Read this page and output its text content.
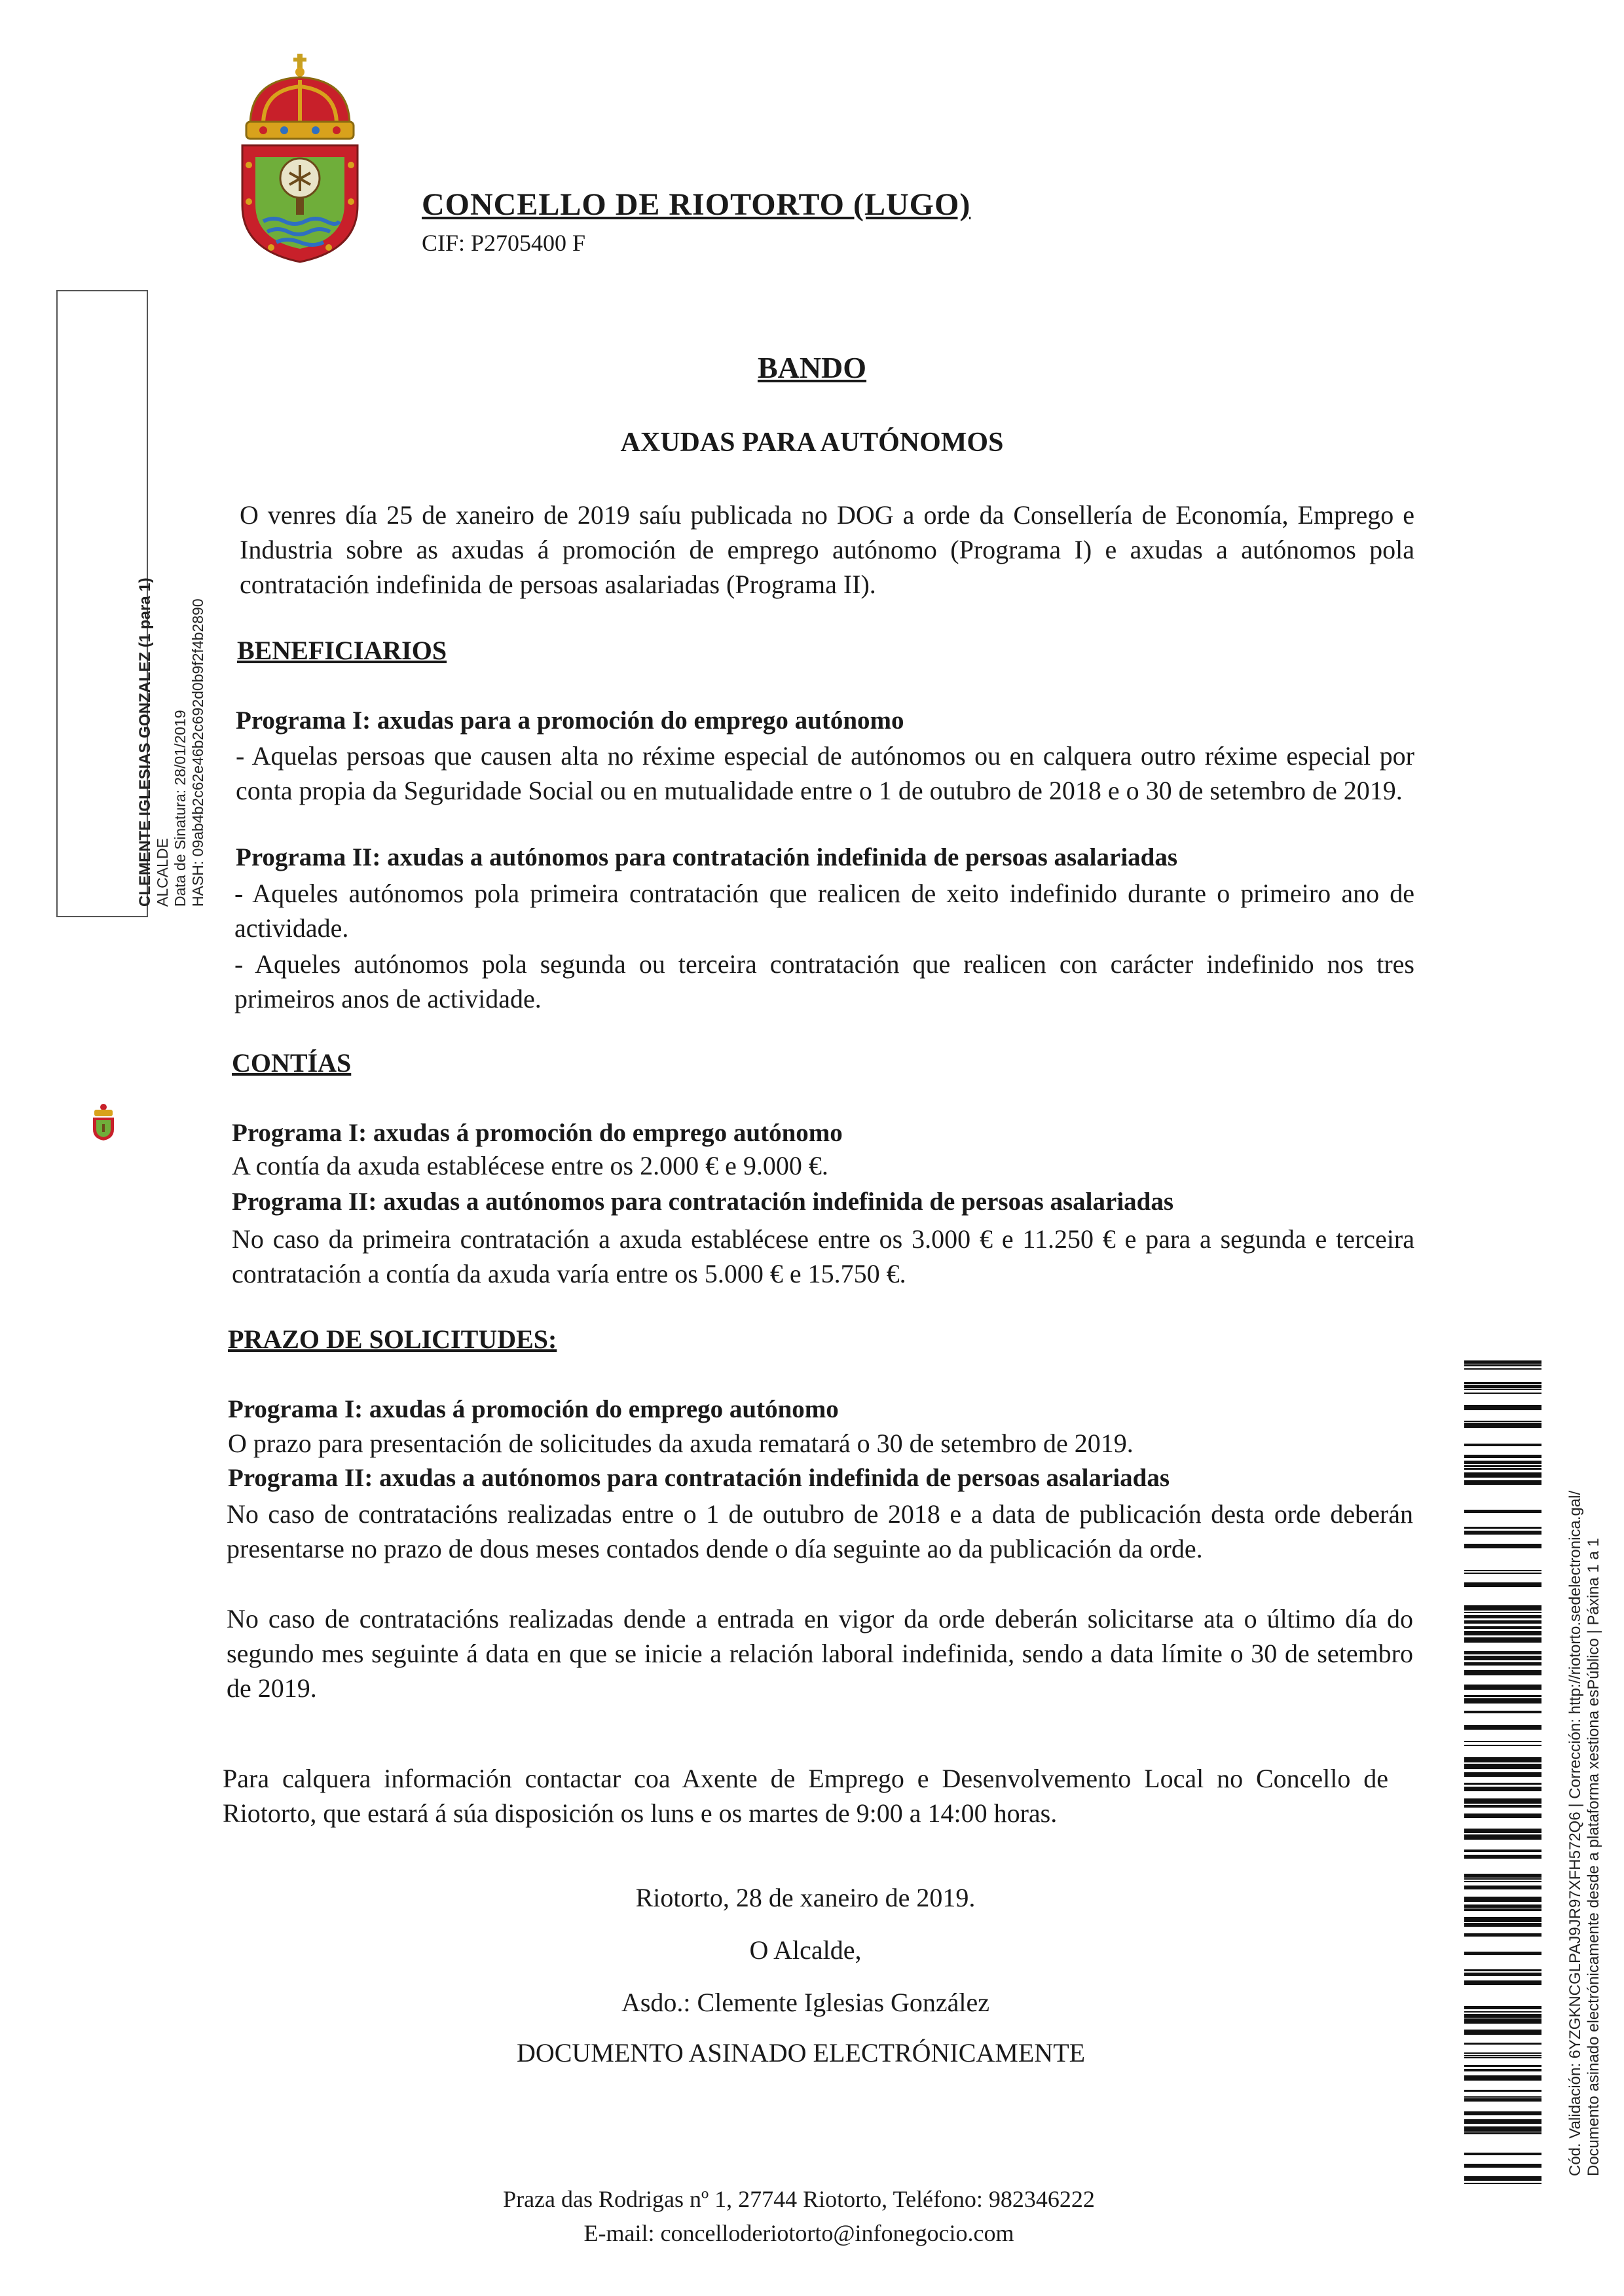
CONCELLO DE RIOTORTO (LUGO)
CIF: P2705400 F
CLEMENTE IGLESIAS GONZALEZ (1 para 1) ALCALDE Data de Sinatura: 28/01/2019 HASH: 09ab4b2c62e46b2c692d0b9f2f4b2890
BANDO
AXUDAS PARA AUTÓNOMOS
O venres día 25 de xaneiro de 2019 saíu publicada no DOG a orde da Consellería de Economía, Emprego e Industria sobre as axudas á promoción de emprego autónomo (Programa I) e axudas a autónomos pola contratación indefinida de persoas asalariadas (Programa II).
BENEFICIARIOS
Programa I: axudas para a promoción do emprego autónomo
- Aquelas persoas que causen alta no réxime especial de autónomos ou en calquera outro réxime especial por conta propia da Seguridade Social ou en mutualidade entre o 1 de outubro de 2018 e o 30 de setembro de 2019.
Programa II: axudas a autónomos para contratación indefinida de persoas asalariadas
- Aqueles autónomos pola primeira contratación que realicen de xeito indefinido durante o primeiro ano de actividade.
- Aqueles autónomos pola segunda ou terceira contratación que realicen con carácter indefinido nos tres primeiros anos de actividade.
CONTÍAS
Programa I: axudas á promoción do emprego autónomo
A contía da axuda establécese entre os 2.000 € e 9.000 €.
Programa II: axudas a autónomos para contratación indefinida de persoas asalariadas
No caso da primeira contratación a axuda establécese entre os 3.000 € e 11.250 € e para a segunda e terceira contratación a contía da axuda varía entre os 5.000 € e 15.750 €.
PRAZO DE SOLICITUDES:
Programa I: axudas á promoción do emprego autónomo
O prazo para presentación de solicitudes da axuda rematará o 30 de setembro de 2019.
Programa II: axudas a autónomos para contratación indefinida de persoas asalariadas
No caso de contratacións realizadas entre o 1 de outubro de 2018 e a data de publicación desta orde deberán presentarse no prazo de dous meses contados dende o día seguinte ao da publicación da orde.
No caso de contratacións realizadas dende a entrada en vigor da orde deberán solicitarse ata o último día do segundo mes seguinte á data en que se inicie a relación laboral indefinida, sendo a data límite o 30 de setembro de 2019.
Para calquera información contactar coa Axente de Emprego e Desenvolvemento Local no Concello de Riotorto, que estará á súa disposición os luns e os martes de 9:00 a 14:00 horas.
Riotorto, 28 de xaneiro de 2019.
O Alcalde,
Asdo.: Clemente Iglesias González
DOCUMENTO ASINADO ELECTRÓNICAMENTE
Praza das Rodrigas nº 1, 27744 Riotorto, Teléfono: 982346222
E-mail: concelloderiotorto@infonegocio.com
Cód. Validación: 6YZGKNCGLPAJ9JR97XFH572Q6 | Corrección: http://riotorto.sedelectronica.gal/ Documento asinado electrónicamente desde a plataforma xestiona esPúblico | Páxina 1 a 1
